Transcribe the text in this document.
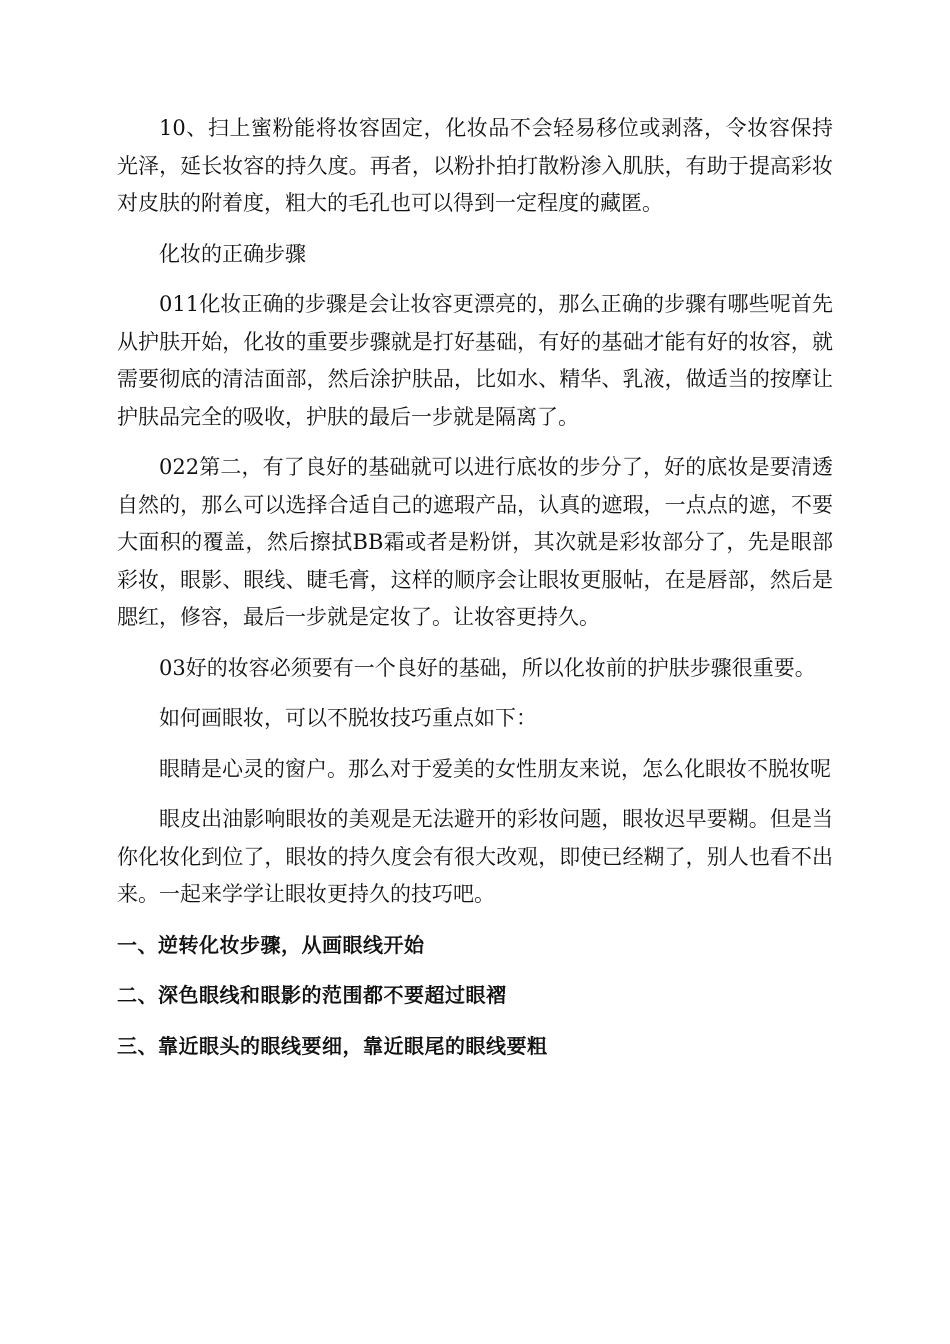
10、扫上蜜粉能将妆容固定，化妆品不会轻易移位或剥落，令妆容保持光泽，延长妆容的持久度。再者，以粉扑拍打散粉渗入肌肤，有助于提高彩妆对皮肤的附着度，粗大的毛孔也可以得到一定程度的藏匿。

化妆的正确步骤

011化妆正确的步骤是会让妆容更漂亮的，那么正确的步骤有哪些呢首先从护肤开始，化妆的重要步骤就是打好基础，有好的基础才能有好的妆容，就需要彻底的清洁面部，然后涂护肤品，比如水、精华、乳液，做适当的按摩让护肤品完全的吸收，护肤的最后一步就是隔离了。

022第二，有了良好的基础就可以进行底妆的步分了，好的底妆是要清透自然的，那么可以选择合适自己的遮瑕产品，认真的遮瑕，一点点的遮，不要大面积的覆盖，然后擦拭BB霜或者是粉饼，其次就是彩妆部分了，先是眼部彩妆，眼影、眼线、睫毛膏，这样的顺序会让眼妆更服帖，在是唇部，然后是腮红，修容，最后一步就是定妆了。让妆容更持久。

03好的妆容必须要有一个良好的基础，所以化妆前的护肤步骤很重要。

如何画眼妆，可以不脱妆技巧重点如下：

眼睛是心灵的窗户。那么对于爱美的女性朋友来说，怎么化眼妆不脱妆呢

眼皮出油影响眼妆的美观是无法避开的彩妆问题，眼妆迟早要糊。但是当你化妆化到位了，眼妆的持久度会有很大改观，即使已经糊了，别人也看不出来。一起来学学让眼妆更持久的技巧吧。

一、逆转化妆步骤，从画眼线开始

二、深色眼线和眼影的范围都不要超过眼褶

三、靠近眼头的眼线要细，靠近眼尾的眼线要粗
